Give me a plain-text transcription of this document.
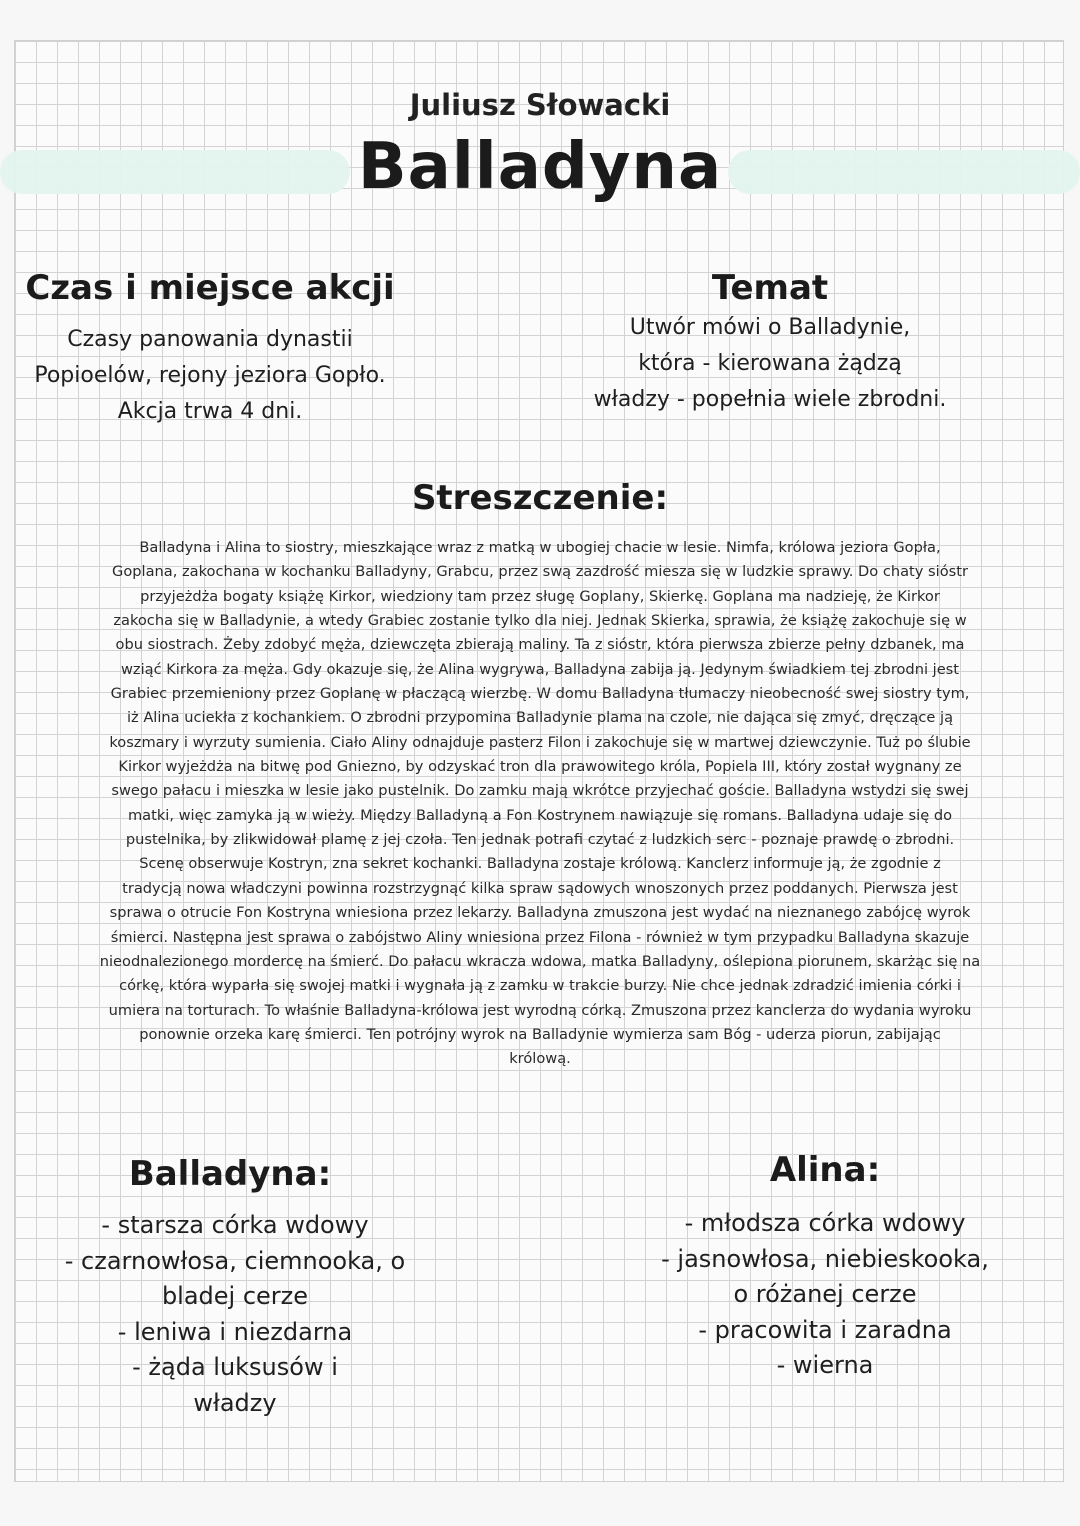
Juliusz Słowacki
Balladyna
Czas i miejsce akcji
Czasy panowania dynastii
Popioelów, rejony jeziora Gopło.
Akcja trwa 4 dni.
Temat
Utwór mówi o Balladynie,
która - kierowana żądzą
władzy - popełnia wiele zbrodni.
Streszczenie:
Balladyna i Alina to siostry, mieszkające wraz z matką w ubogiej chacie w lesie. Nimfa, królowa jeziora Gopła,
Goplana, zakochana w kochanku Balladyny, Grabcu, przez swą zazdrość miesza się w ludzkie sprawy. Do chaty sióstr
przyjeżdża bogaty książę Kirkor, wiedziony tam przez sługę Goplany, Skierkę. Goplana ma nadzieję, że Kirkor
zakocha się w Balladynie, a wtedy Grabiec zostanie tylko dla niej. Jednak Skierka, sprawia, że książę zakochuje się w
obu siostrach. Żeby zdobyć męża, dziewczęta zbierają maliny. Ta z sióstr, która pierwsza zbierze pełny dzbanek, ma
wziąć Kirkora za męża. Gdy okazuje się, że Alina wygrywa, Balladyna zabija ją. Jedynym świadkiem tej zbrodni jest
Grabiec przemieniony przez Goplanę w płaczącą wierzbę. W domu Balladyna tłumaczy nieobecność swej siostry tym,
iż Alina uciekła z kochankiem. O zbrodni przypomina Balladynie plama na czole, nie dająca się zmyć, dręczące ją
koszmary i wyrzuty sumienia. Ciało Aliny odnajduje pasterz Filon i zakochuje się w martwej dziewczynie. Tuż po ślubie
Kirkor wyjeżdża na bitwę pod Gniezno, by odzyskać tron dla prawowitego króla, Popiela III, który został wygnany ze
swego pałacu i mieszka w lesie jako pustelnik. Do zamku mają wkrótce przyjechać goście. Balladyna wstydzi się swej
matki, więc zamyka ją w wieży. Między Balladyną a Fon Kostrynem nawiązuje się romans. Balladyna udaje się do
pustelnika, by zlikwidował plamę z jej czoła. Ten jednak potrafi czytać z ludzkich serc - poznaje prawdę o zbrodni.
Scenę obserwuje Kostryn, zna sekret kochanki. Balladyna zostaje królową. Kanclerz informuje ją, że zgodnie z
tradycją nowa władczyni powinna rozstrzygnąć kilka spraw sądowych wnoszonych przez poddanych. Pierwsza jest
sprawa o otrucie Fon Kostryna wniesiona przez lekarzy. Balladyna zmuszona jest wydać na nieznanego zabójcę wyrok
śmierci. Następna jest sprawa o zabójstwo Aliny wniesiona przez Filona - również w tym przypadku Balladyna skazuje
nieodnalezionego mordercę na śmierć. Do pałacu wkracza wdowa, matka Balladyny, oślepiona piorunem, skarżąc się na
córkę, która wyparła się swojej matki i wygnała ją z zamku w trakcie burzy. Nie chce jednak zdradzić imienia córki i
umiera na torturach. To właśnie Balladyna-królowa jest wyrodną córką. Zmuszona przez kanclerza do wydania wyroku
ponownie orzeka karę śmierci. Ten potrójny wyrok na Balladynie wymierza sam Bóg - uderza piorun, zabijając
królową.
Balladyna:
- starsza córka wdowy
- czarnowłosa, ciemnooka, o
bladej cerze
- leniwa i niezdarna
- żąda luksusów i
władzy
Alina:
- młodsza córka wdowy
- jasnowłosa, niebieskooka,
o różanej cerze
- pracowita i zaradna
- wierna
